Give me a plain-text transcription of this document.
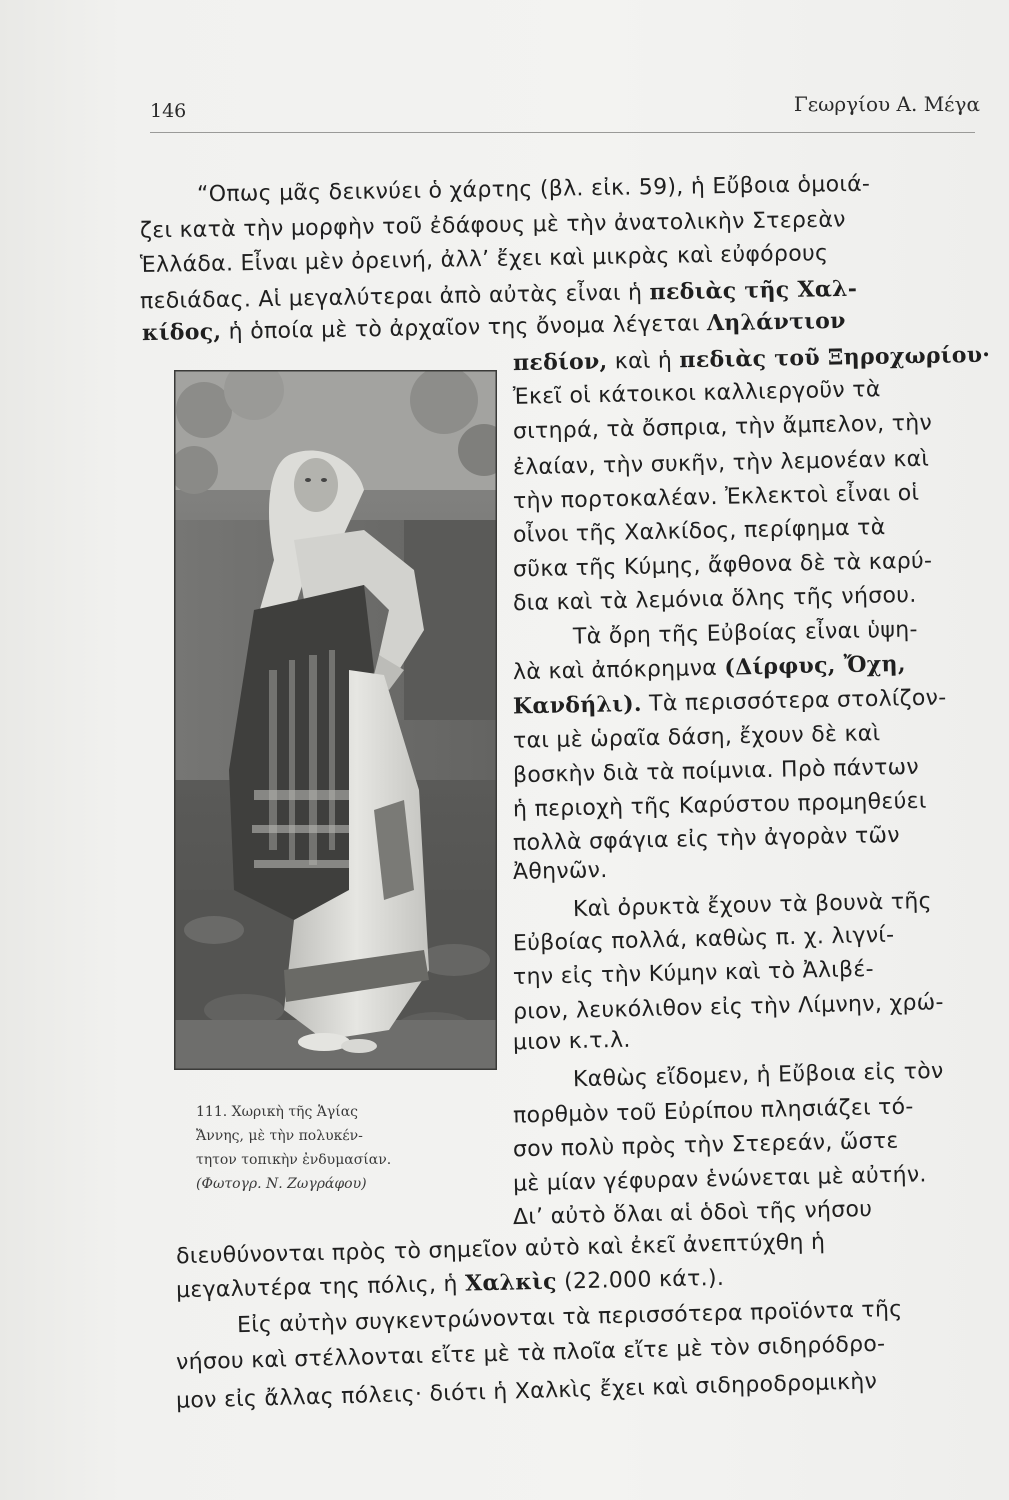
146	Γεωργίου Α. Μέγα
“Οπως μᾶς δεικνύει ὁ χάρτης (βλ. εἰκ. 59), ἡ Εὔβοια ὁμοιά-
ζει κατὰ τὴν μορφὴν τοῦ ἐδάφους μὲ τὴν ἀνατολικὴν Στερεὰν
Ἑλλάδα. Εἶναι μὲν ὀρεινή, ἀλλ’ ἔχει καὶ μικρὰς καὶ εὐφόρους
πεδιάδας. Αἱ μεγαλύτεραι ἀπὸ αὐτὰς εἶναι ἡ πεδιὰς τῆς Χαλ-
κίδος, ἡ ὁποία μὲ τὸ ἀρχαῖον της ὄνομα λέγεται Ληλάντιον
πεδίον, καὶ ἡ πεδιὰς τοῦ Ξηροχωρίου·
Ἐκεῖ οἱ κάτοικοι καλλιεργοῦν τὰ
σιτηρά, τὰ ὄσπρια, τὴν ἄμπελον, τὴν
ἐλαίαν, τὴν συκῆν, τὴν λεμονέαν καὶ
τὴν πορτοκαλέαν. Ἐκλεκτοὶ εἶναι οἱ
οἶνοι τῆς Χαλκίδος, περίφημα τὰ
σῦκα τῆς Κύμης, ἄφθονα δὲ τὰ καρύ-
δια καὶ τὰ λεμόνια ὅλης τῆς νήσου.
Τὰ ὄρη τῆς Εὐβοίας εἶναι ὑψη-
λὰ καὶ ἀπόκρημνα (Δίρφυς, Ὄχη,
Κανδήλι). Τὰ περισσότερα στολίζον-
ται μὲ ὡραῖα δάση, ἔχουν δὲ καὶ
βοσκὴν διὰ τὰ ποίμνια. Πρὸ πάντων
ἡ περιοχὴ τῆς Καρύστου προμηθεύει
πολλὰ σφάγια εἰς τὴν ἀγορὰν τῶν
Ἀθηνῶν.
Καὶ ὀρυκτὰ ἔχουν τὰ βουνὰ τῆς
Εὐβοίας πολλά, καθὼς π. χ. λιγνί-
την εἰς τὴν Κύμην καὶ τὸ Ἀλιβέ-
ριον, λευκόλιθον εἰς τὴν Λίμνην, χρώ-
μιον κ.τ.λ.
Καθὼς εἴδομεν, ἡ Εὔβοια εἰς τὸν
πορθμὸν τοῦ Εὐρίπου πλησιάζει τό-
σον πολὺ πρὸς τὴν Στερεάν, ὥστε
μὲ μίαν γέφυραν ἑνώνεται μὲ αὐτήν.
Δι’ αὐτὸ ὅλαι αἱ ὁδοὶ τῆς νήσου
διευθύνονται πρὸς τὸ σημεῖον αὐτὸ καὶ ἐκεῖ ἀνεπτύχθη ἡ
μεγαλυτέρα της πόλις, ἡ Χαλκὶς (22.000 κάτ.).
Εἰς αὐτὴν συγκεντρώνονται τὰ περισσότερα προϊόντα τῆς
νήσου καὶ στέλλονται εἴτε μὲ τὰ πλοῖα εἴτε μὲ τὸν σιδηρόδρο-
μον εἰς ἄλλας πόλεις· διότι ἡ Χαλκὶς ἔχει καὶ σιδηροδρομικὴν
111. Χωρικὴ τῆς Ἁγίας
Ἄννης, μὲ τὴν πολυκέν-
τητον τοπικὴν ἐνδυμασίαν.
(Φωτογρ. Ν. Ζωγράφου)
